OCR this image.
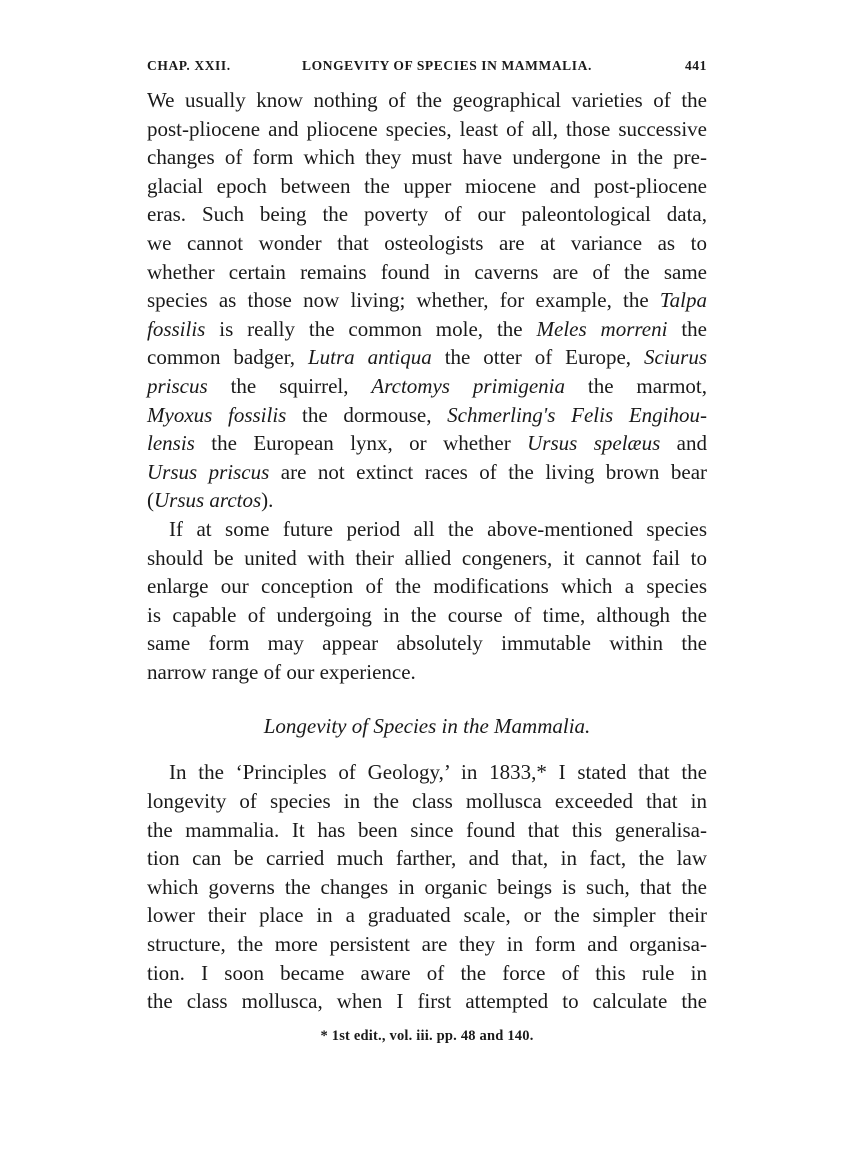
CHAP. XXII.	LONGEVITY OF SPECIES IN MAMMALIA.	441
We usually know nothing of the geographical varieties of the
post-pliocene and pliocene species, least of all, those successive
changes of form which they must have undergone in the pre-
glacial epoch between the upper miocene and post-pliocene
eras. Such being the poverty of our paleontological data,
we cannot wonder that osteologists are at variance as to
whether certain remains found in caverns are of the same
species as those now living; whether, for example, the Talpa
fossilis is really the common mole, the Meles morreni the
common badger, Lutra antiqua the otter of Europe, Sciurus
priscus the squirrel, Arctomys primigenia the marmot,
Myoxus fossilis the dormouse, Schmerling's Felis Engihou-
lensis the European lynx, or whether Ursus spelæus and
Ursus priscus are not extinct races of the living brown bear
(Ursus arctos).
If at some future period all the above-mentioned species
should be united with their allied congeners, it cannot fail to
enlarge our conception of the modifications which a species
is capable of undergoing in the course of time, although the
same form may appear absolutely immutable within the
narrow range of our experience.
Longevity of Species in the Mammalia.
In the ‘Principles of Geology,’ in 1833,* I stated that the
longevity of species in the class mollusca exceeded that in
the mammalia. It has been since found that this generalisa-
tion can be carried much farther, and that, in fact, the law
which governs the changes in organic beings is such, that the
lower their place in a graduated scale, or the simpler their
structure, the more persistent are they in form and organisa-
tion. I soon became aware of the force of this rule in
the class mollusca, when I first attempted to calculate the
* 1st edit., vol. iii. pp. 48 and 140.
